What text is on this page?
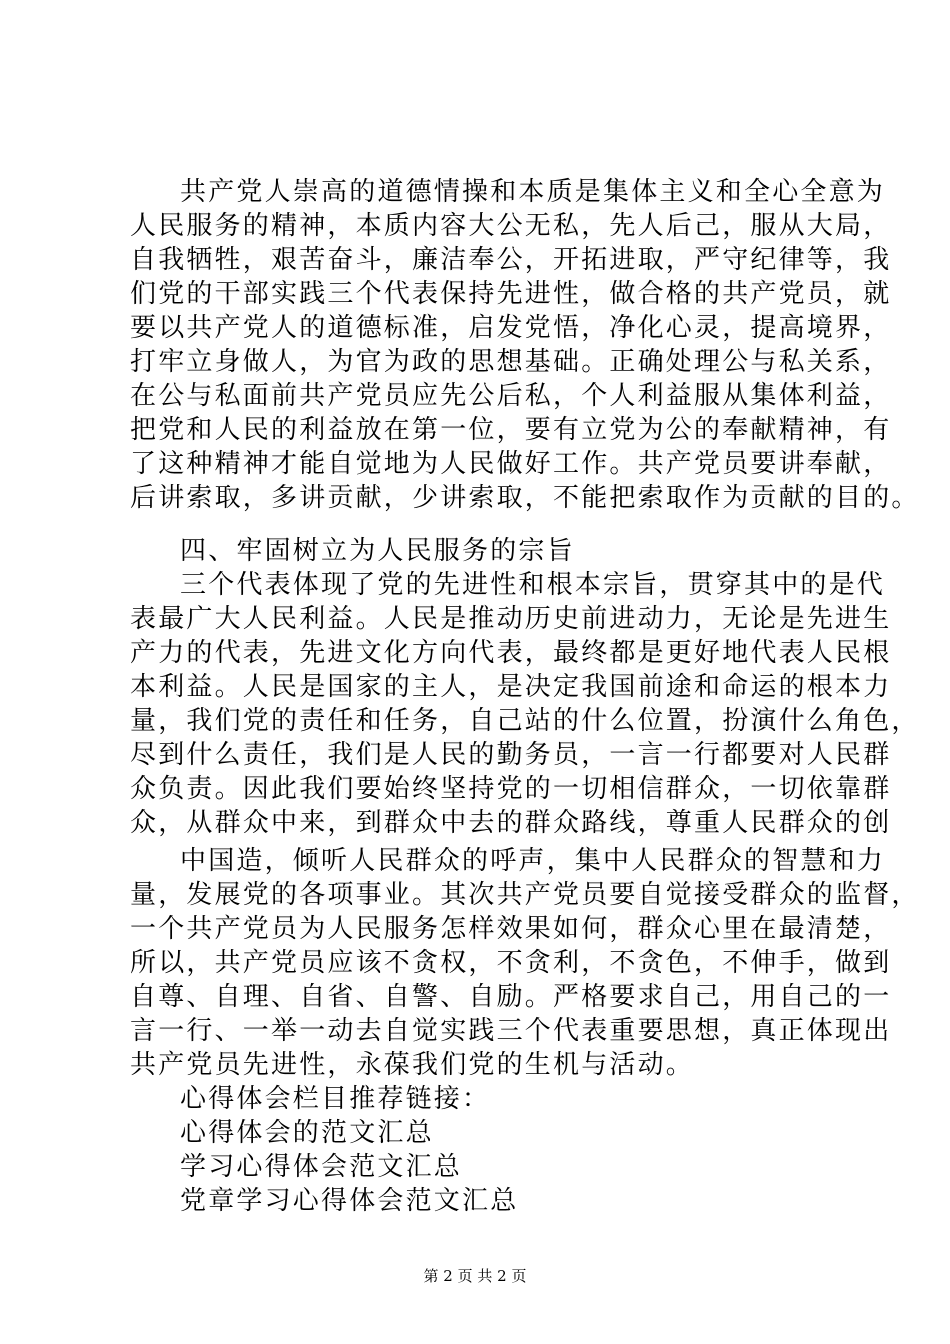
共产党人崇高的道德情操和本质是集体主义和全心全意为
人民服务的精神，本质内容大公无私，先人后己，服从大局，
自我牺牲，艰苦奋斗，廉洁奉公，开拓进取，严守纪律等，我
们党的干部实践三个代表保持先进性，做合格的共产党员，就
要以共产党人的道德标准，启发党悟，净化心灵，提高境界，
打牢立身做人，为官为政的思想基础。正确处理公与私关系，
在公与私面前共产党员应先公后私，个人利益服从集体利益，
把党和人民的利益放在第一位，要有立党为公的奉献精神，有
了这种精神才能自觉地为人民做好工作。共产党员要讲奉献，
后讲索取，多讲贡献，少讲索取，不能把索取作为贡献的目的。
四、牢固树立为人民服务的宗旨
三个代表体现了党的先进性和根本宗旨，贯穿其中的是代
表最广大人民利益。人民是推动历史前进动力，无论是先进生
产力的代表，先进文化方向代表，最终都是更好地代表人民根
本利益。人民是国家的主人，是决定我国前途和命运的根本力
量，我们党的责任和任务，自己站的什么位置，扮演什么角色，
尽到什么责任，我们是人民的勤务员，一言一行都要对人民群
众负责。因此我们要始终坚持党的一切相信群众，一切依靠群
众，从群众中来，到群众中去的群众路线，尊重人民群众的创
中国造，倾听人民群众的呼声，集中人民群众的智慧和力
量，发展党的各项事业。其次共产党员要自觉接受群众的监督，
一个共产党员为人民服务怎样效果如何，群众心里在最清楚，
所以，共产党员应该不贪权，不贪利，不贪色，不伸手，做到
自尊、自理、自省、自警、自励。严格要求自己，用自己的一
言一行、一举一动去自觉实践三个代表重要思想，真正体现出
共产党员先进性，永葆我们党的生机与活动。
心得体会栏目推荐链接：
心得体会的范文汇总
学习心得体会范文汇总
党章学习心得体会范文汇总
第 2 页 共 2 页
